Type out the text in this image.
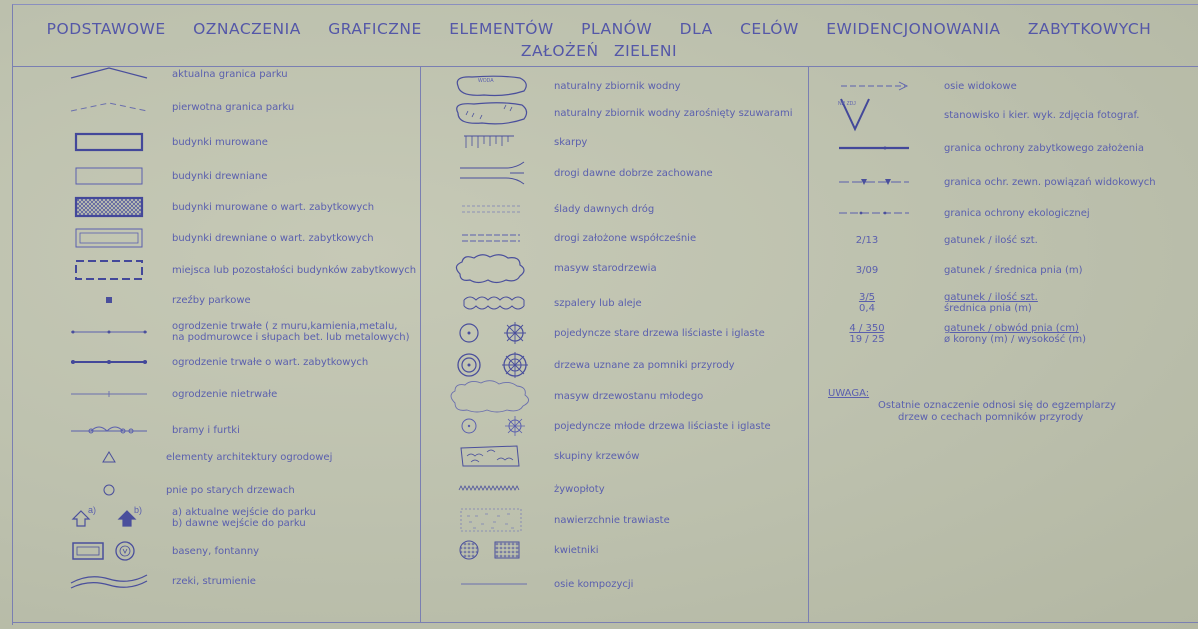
PODSTAWOWE OZNACZENIA GRAFICZNE ELEMENTÓW PLANÓW DLA CELÓW EWIDENCJONOWANIA ZABYTKOWYCH
ZAŁOŻEŃ ZIELENI
aktualna granica parku
pierwotna granica parku
budynki murowane
budynki drewniane
budynki murowane o wart. zabytkowych
budynki drewniane o wart. zabytkowych
miejsca lub pozostałości budynków zabytkowych
rzeźby parkowe
ogrodzenie trwałe ( z muru,kamienia,metalu,
na podmurowce i słupach bet. lub metalowych)
ogrodzenie trwałe o wart. zabytkowych
ogrodzenie nietrwałe
bramy i furtki
elementy architektury ogrodowej
pnie po starych drzewach
a)	b)	a) aktualne wejście do parku
b) dawne wejście do parku
baseny, fontanny
rzeki, strumienie
WODA	naturalny zbiornik wodny
naturalny zbiornik wodny zarośnięty szuwarami
skarpy
drogi dawne dobrze zachowane
ślady dawnych dróg
drogi założone współcześnie
masyw starodrzewia
szpalery lub aleje
pojedyncze stare drzewa liściaste i iglaste
drzewa uznane za pomniki przyrody
masyw drzewostanu młodego
pojedyncze młode drzewa liściaste i iglaste
skupiny krzewów
żywopłoty
nawierzchnie trawiaste
kwietniki
osie kompozycji
osie widokowe
NR ZDJ
stanowisko i kier. wyk. zdjęcia fotograf.
granica ochrony zabytkowego założenia
granica ochr. zewn. powiązań widokowych
granica ochrony ekologicznej
2/13	gatunek / ilość szt.
3/09	gatunek / średnica pnia (m)
$\frac{3/5}{0,4}$	gatunek / ilość szt.
średnica pnia (m)
$\frac{4 / 350}{19 / 25}$	gatunek / obwód pnia (cm)
ø korony (m) / wysokość (m)
UWAGA:
Ostatnie oznaczenie odnosi się do egzemplarzy
drzew o cechach pomników przyrody
